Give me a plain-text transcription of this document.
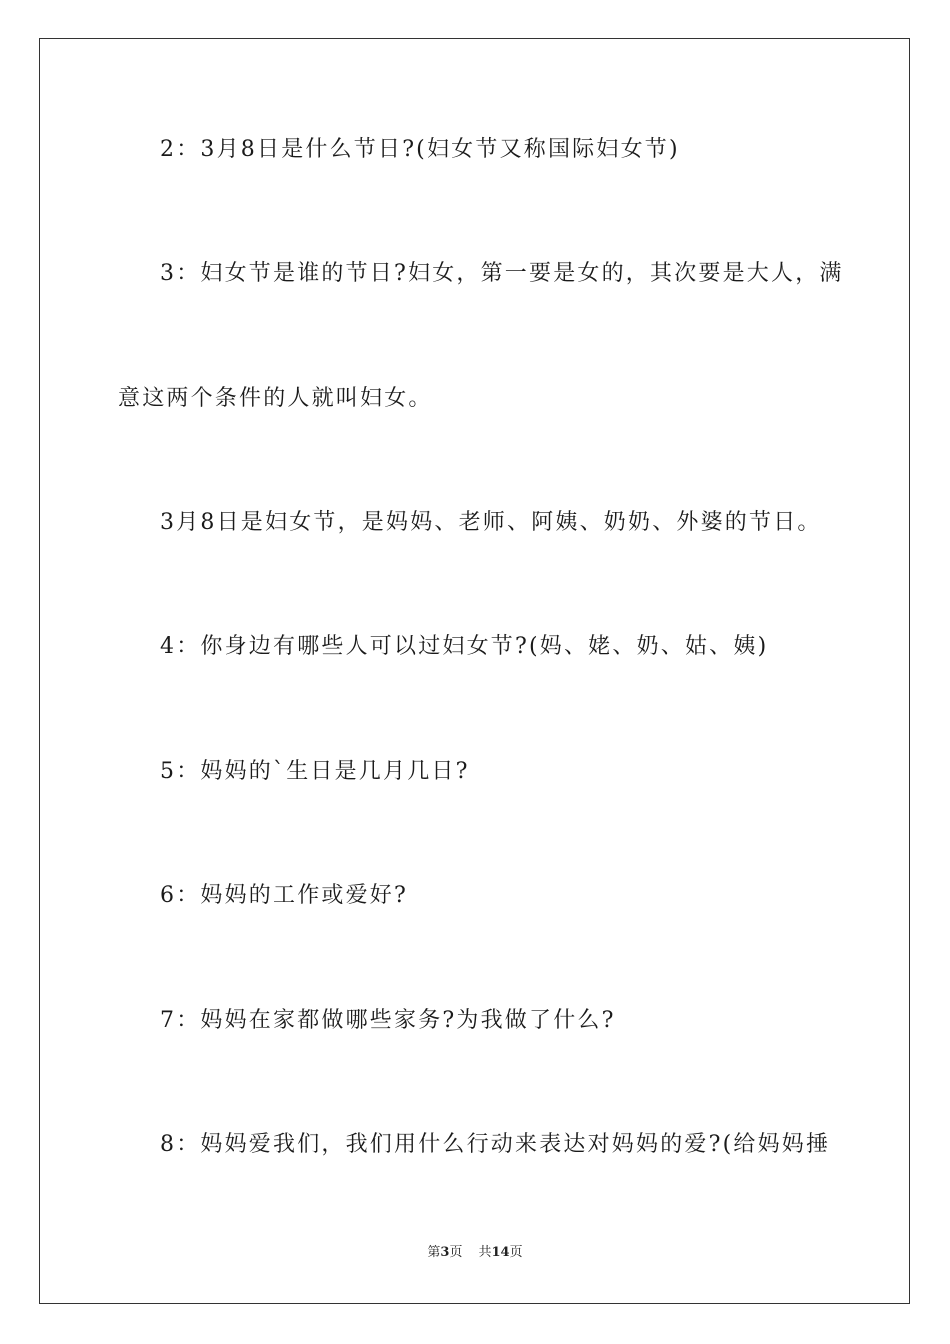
2：3月8日是什么节日?(妇女节又称国际妇女节)

3：妇女节是谁的节日?妇女，第一要是女的，其次要是大人，满

意这两个条件的人就叫妇女。

3月8日是妇女节，是妈妈、老师、阿姨、奶奶、外婆的节日。

4：你身边有哪些人可以过妇女节?(妈、姥、奶、姑、姨)

5：妈妈的`生日是几月几日?

6：妈妈的工作或爱好?

7：妈妈在家都做哪些家务?为我做了什么?

8：妈妈爱我们，我们用什么行动来表达对妈妈的爱?(给妈妈捶

第3页 共14页
